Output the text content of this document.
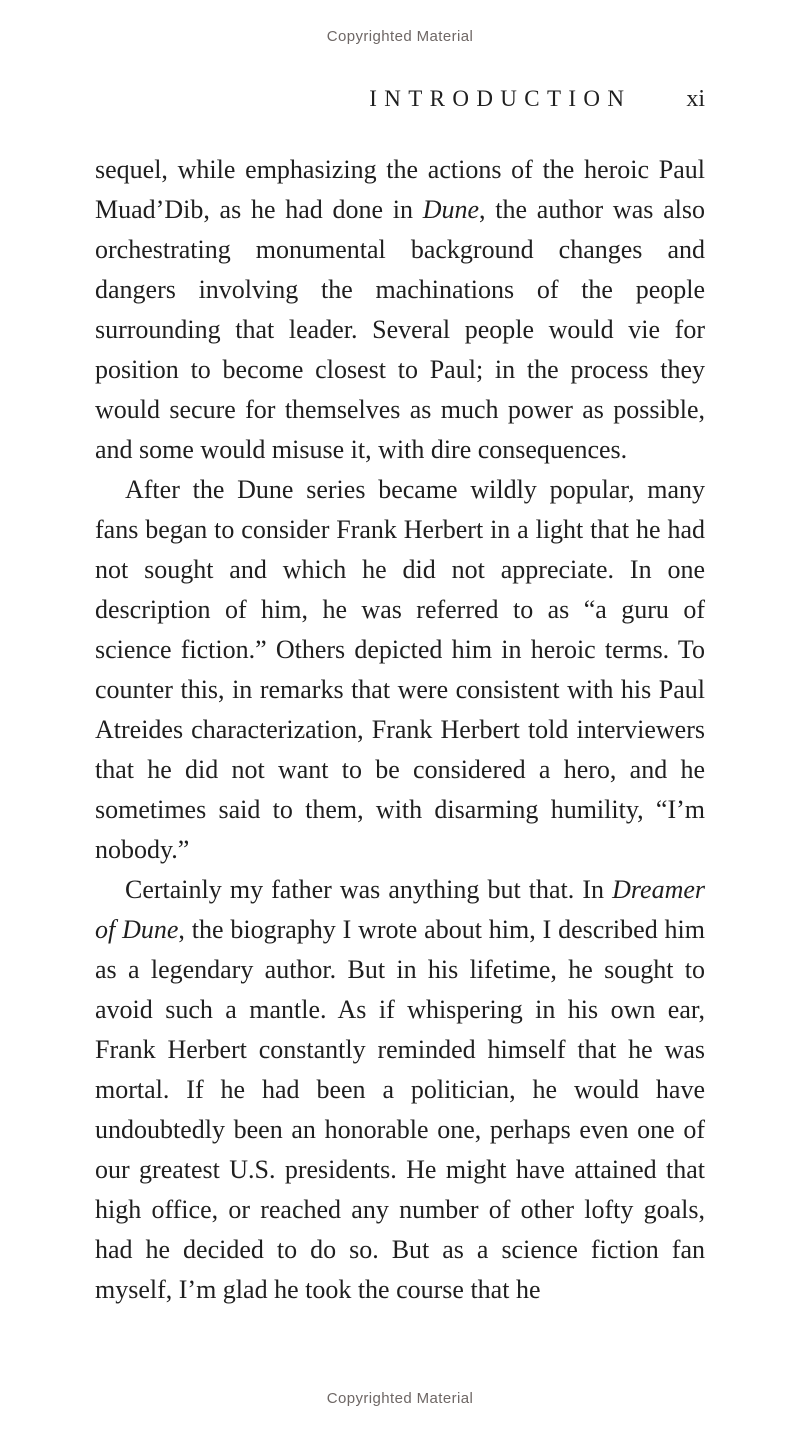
Copyrighted Material
INTRODUCTION xi

sequel, while emphasizing the actions of the heroic Paul Muad’Dib, as he had done in Dune, the author was also orchestrating monumental background changes and dangers involving the machinations of the people surrounding that leader. Several people would vie for position to become closest to Paul; in the process they would secure for themselves as much power as possible, and some would misuse it, with dire consequences.

After the Dune series became wildly popular, many fans began to consider Frank Herbert in a light that he had not sought and which he did not appreciate. In one description of him, he was referred to as “a guru of science fiction.” Others depicted him in heroic terms. To counter this, in remarks that were consistent with his Paul Atreides characterization, Frank Herbert told interviewers that he did not want to be considered a hero, and he sometimes said to them, with disarming humility, “I’m nobody.”

Certainly my father was anything but that. In Dreamer of Dune, the biography I wrote about him, I described him as a legendary author. But in his lifetime, he sought to avoid such a mantle. As if whispering in his own ear, Frank Herbert constantly reminded himself that he was mortal. If he had been a politician, he would have undoubtedly been an honorable one, perhaps even one of our greatest U.S. presidents. He might have attained that high office, or reached any number of other lofty goals, had he decided to do so. But as a science fiction fan myself, I’m glad he took the course that he

Copyrighted Material
